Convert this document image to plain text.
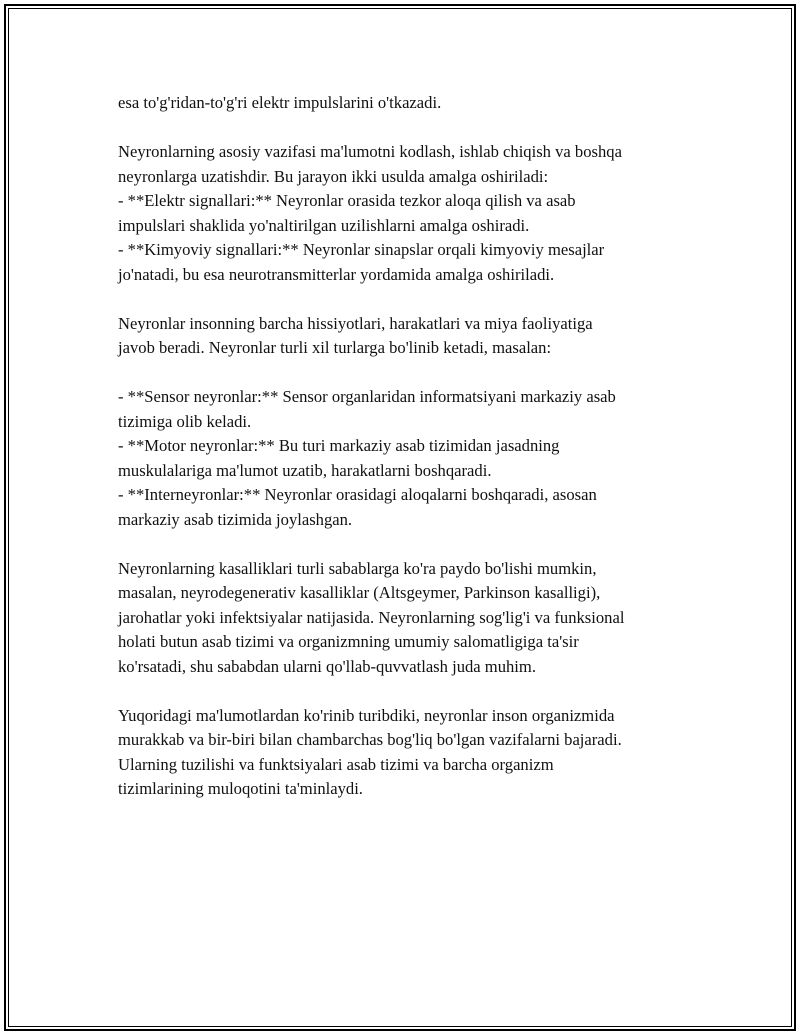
esa to'g'ridan-to'g'ri elektr impulslarini o'tkazadi.

Neyronlarning asosiy vazifasi ma'lumotni kodlash, ishlab chiqish va boshqa
neyronlarga uzatishdir. Bu jarayon ikki usulda amalga oshiriladi:
- **Elektr signallari:** Neyronlar orasida tezkor aloqa qilish va asab
impulslari shaklida yo'naltirilgan uzilishlarni amalga oshiradi.
- **Kimyoviy signallari:** Neyronlar sinapslar orqali kimyoviy mesajlar
jo'natadi, bu esa neurotransmitterlar yordamida amalga oshiriladi.

Neyronlar insonning barcha hissiyotlari, harakatlari va miya faoliyatiga
javob beradi. Neyronlar turli xil turlarga bo'linib ketadi, masalan:

- **Sensor neyronlar:** Sensor organlaridan informatsiyani markaziy asab
tizimiga olib keladi.
- **Motor neyronlar:** Bu turi markaziy asab tizimidan jasadning
muskulalariga ma'lumot uzatib, harakatlarni boshqaradi.
- **Interneyronlar:** Neyronlar orasidagi aloqalarni boshqaradi, asosan
markaziy asab tizimida joylashgan.

Neyronlarning kasalliklari turli sabablarga ko'ra paydo bo'lishi mumkin,
masalan, neyrodegenerativ kasalliklar (Altsgeymer, Parkinson kasalligi),
jarohatlar yoki infektsiyalar natijasida. Neyronlarning sog'lig'i va funksional
holati butun asab tizimi va organizmning umumiy salomatligiga ta'sir
ko'rsatadi, shu sababdan ularni qo'llab-quvvatlash juda muhim.

Yuqoridagi ma'lumotlardan ko'rinib turibdiki, neyronlar inson organizmida
murakkab va bir-biri bilan chambarchas bog'liq bo'lgan vazifalarni bajaradi.
Ularning tuzilishi va funktsiyalari asab tizimi va barcha organizm
tizimlarining muloqotini ta'minlaydi.
